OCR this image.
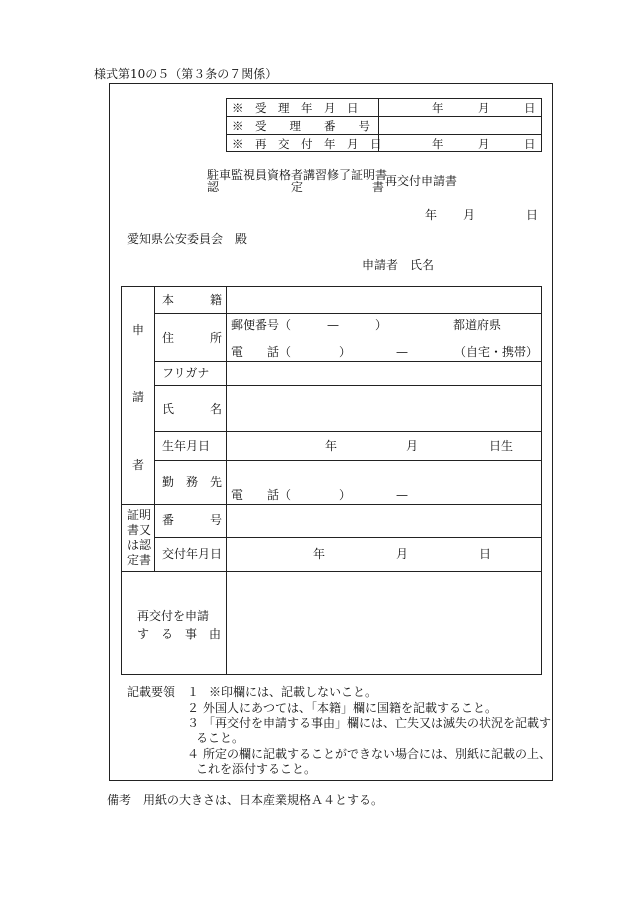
様式第10の５（第３条の７関係）
※　受　理　年　月　日	年	月	日
※　受　　理　　番　　号
※　再　交　付　年　月　日	年	月	日
駐車監視員資格者講習修了証明書
認	定	書 再交付申請書
年 月	日
愛知県公安委員会　殿
申請者　氏名
申
請
者
本　　　籍
住　　　所
郵便番号（　　　—　　　）	都道府県
電　　話（　　　　）	—	（自宅・携帯）
フリガナ
氏　　　名
生年月日	年	月	日生
勤　務　先
電　　話（　　　　）	—
証明
書又
は認
定書
番　　　号
交付年月日	年	月	日
再交付を申請
す　る　事　由
記載要領 １ ※印欄には、記載しないこと。
２ 外国人にあつては、「本籍」欄に国籍を記載すること。
３ 「再交付を申請する事由」欄には、亡失又は滅失の状況を記載す
ること。
４ 所定の欄に記載することができない場合には、別紙に記載の上、
これを添付すること。
備考　用紙の大きさは、日本産業規格Ａ４とする。
